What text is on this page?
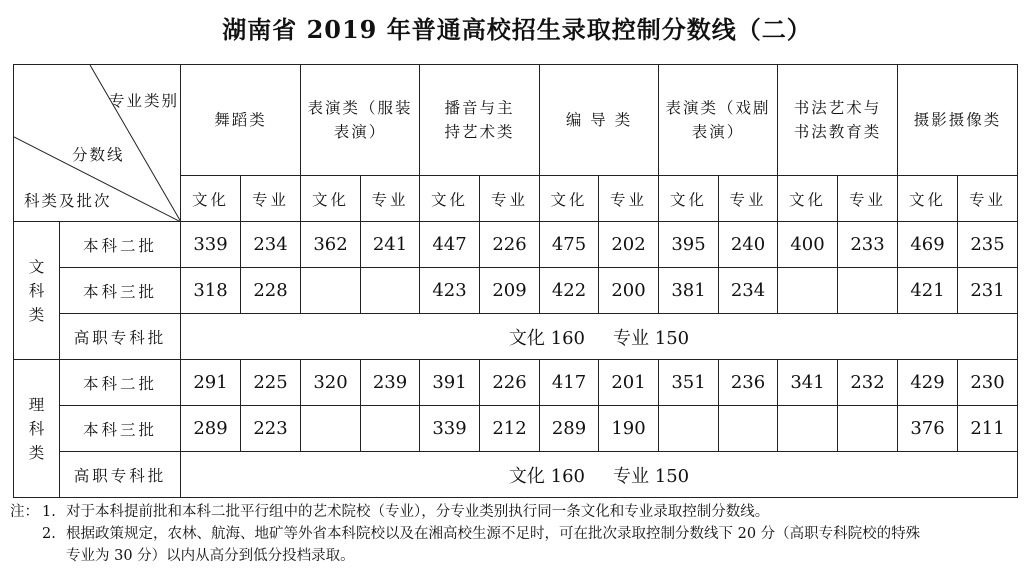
湖南省 2019 年普通高校招生录取控制分数线（二）
专业类别
分数线
科类及批次		舞蹈类		表演类（服装表演）		播音与主持艺术类		编 导 类		表演类（戏剧表演）		书法艺术与书法教育类		摄影摄像类	
		文化	专业	文化	专业	文化	专业	文化	专业	文化	专业	文化	专业	文化	专业

文科类	本科二批	339	234	362	241	447	226	475	202	395	240	400	233	469	235
	本科三批	318	228			423	209	422	200	381	234			421	231
	高职专科批	文化 160 专业 150													

理科类	本科二批	291	225	320	239	391	226	417	201	351	236	341	232	429	230
	本科三批	289	223			339	212	289	190					376	211
	高职专科批	文化 160 专业 150													
注： 1. 对于本科提前批和本科二批平行组中的艺术院校（专业），分专业类别执行同一条文化和专业录取控制分数线。
2. 根据政策规定，农林、航海、地矿等外省本科院校以及在湘高校生源不足时，可在批次录取控制分数线下 20 分（高职专科院校的特殊

专业为 30 分）以内从高分到低分投档录取。
